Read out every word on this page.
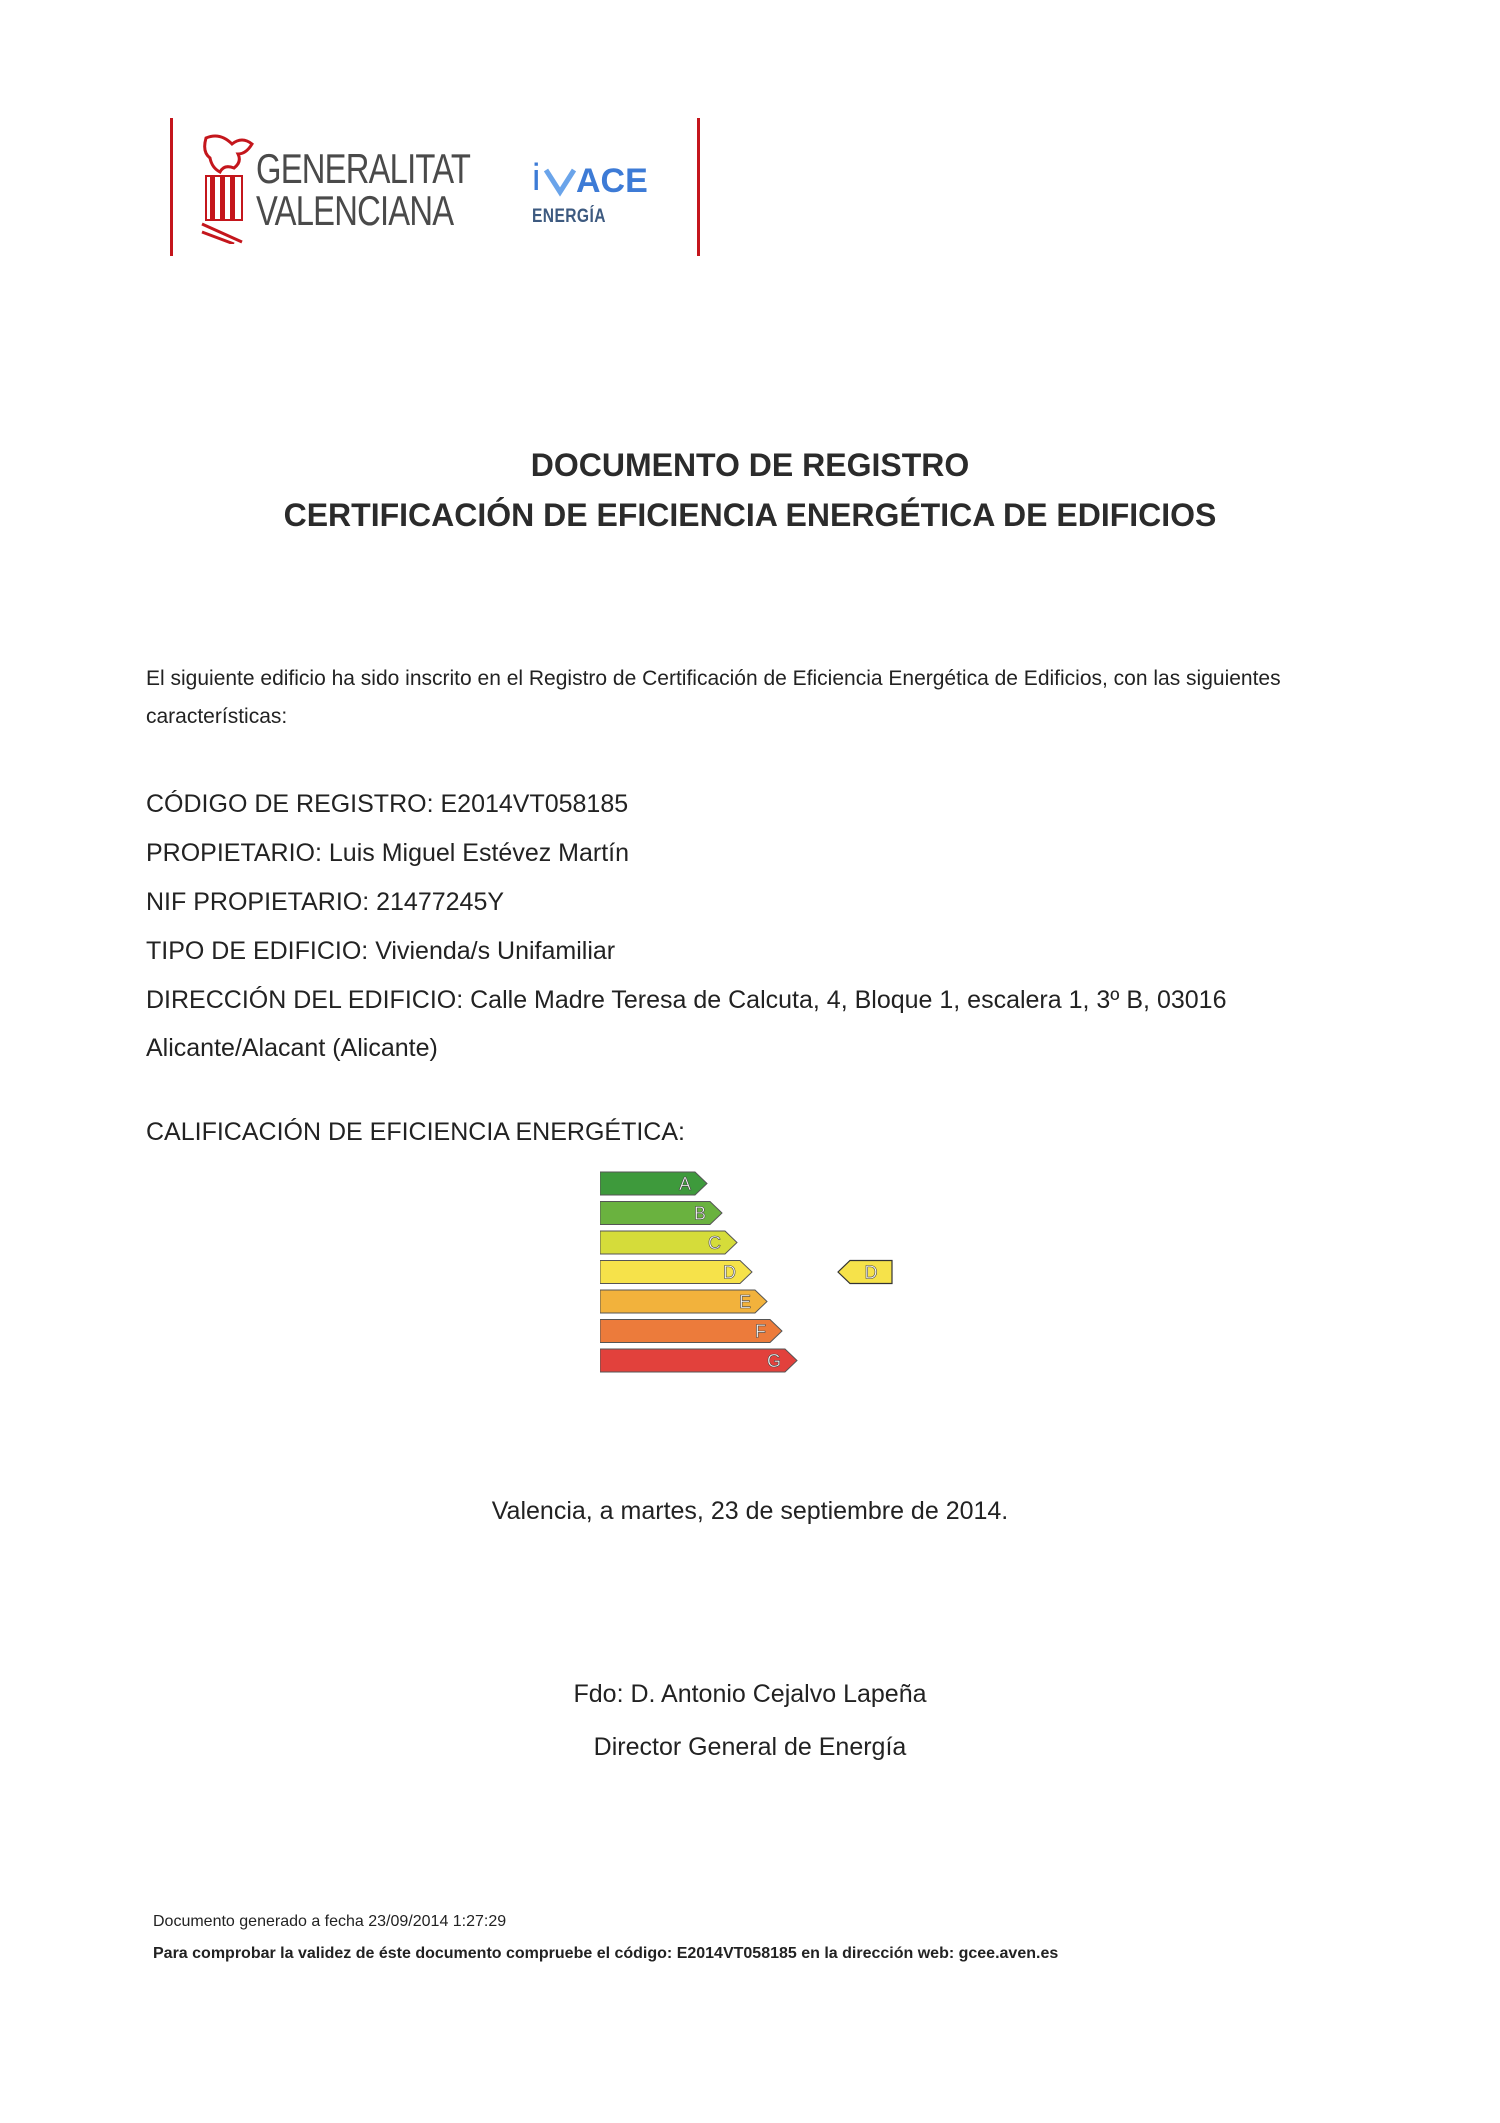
GENERALITAT
VALENCIANA
i ACE
ENERGÍA
DOCUMENTO DE REGISTRO
CERTIFICACIÓN DE EFICIENCIA ENERGÉTICA DE EDIFICIOS

El siguiente edificio ha sido inscrito en el Registro de Certificación de Eficiencia Energética de Edificios, con las siguientes características:

CÓDIGO DE REGISTRO: E2014VT058185
PROPIETARIO: Luis Miguel Estévez Martín
NIF PROPIETARIO: 21477245Y
TIPO DE EDIFICIO: Vivienda/s Unifamiliar
DIRECCIÓN DEL EDIFICIO: Calle Madre Teresa de Calcuta, 4, Bloque 1, escalera 1, 3º B, 03016 Alicante/Alacant (Alicante)
CALIFICACIÓN DE EFICIENCIA ENERGÉTICA:
A
B
C
D
E
F
G
D
Valencia, a martes, 23 de septiembre de 2014.
Fdo: D. Antonio Cejalvo Lapeña
Director General de Energía
Documento generado a fecha 23/09/2014 1:27:29
Para comprobar la validez de éste documento compruebe el código: E2014VT058185 en la dirección web: gcee.aven.es
